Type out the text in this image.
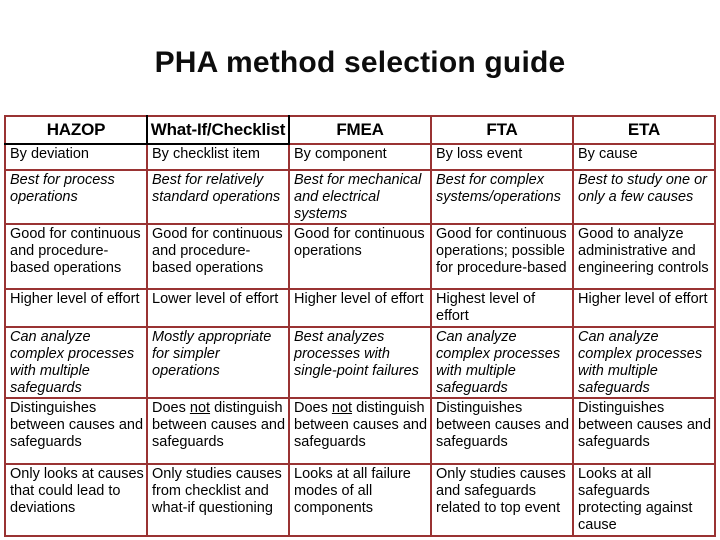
PHA method selection guide
HAZOP	What-If/Checklist	FMEA	FTA	ETA
By deviation	By checklist item	By component	By loss event	By cause
Best for process operations	Best for relatively standard operations	Best for mechanical and electrical systems	Best for complex systems/operations	Best to study one or only a few causes
Good for continuous and procedure-based operations	Good for continuous and procedure-based operations	Good for continuous operations	Good for continuous operations; possible for procedure-based	Good to analyze administrative and engineering controls
Higher level of effort	Lower level of effort	Higher level of effort	Highest level of effort	Higher level of effort
Can analyze complex processes with multiple safeguards	Mostly appropriate for simpler operations	Best analyzes processes with single-point failures	Can analyze complex processes with multiple safeguards	Can analyze complex processes with multiple safeguards
Distinguishes between causes and safeguards	Does not distinguish between causes and safeguards	Does not distinguish between causes and safeguards	Distinguishes between causes and safeguards	Distinguishes between causes and safeguards
Only looks at causes that could lead to deviations	Only studies causes from checklist and what-if questioning	Looks at all failure modes of all components	Only studies causes and safeguards related to top event	Looks at all safeguards protecting against cause
